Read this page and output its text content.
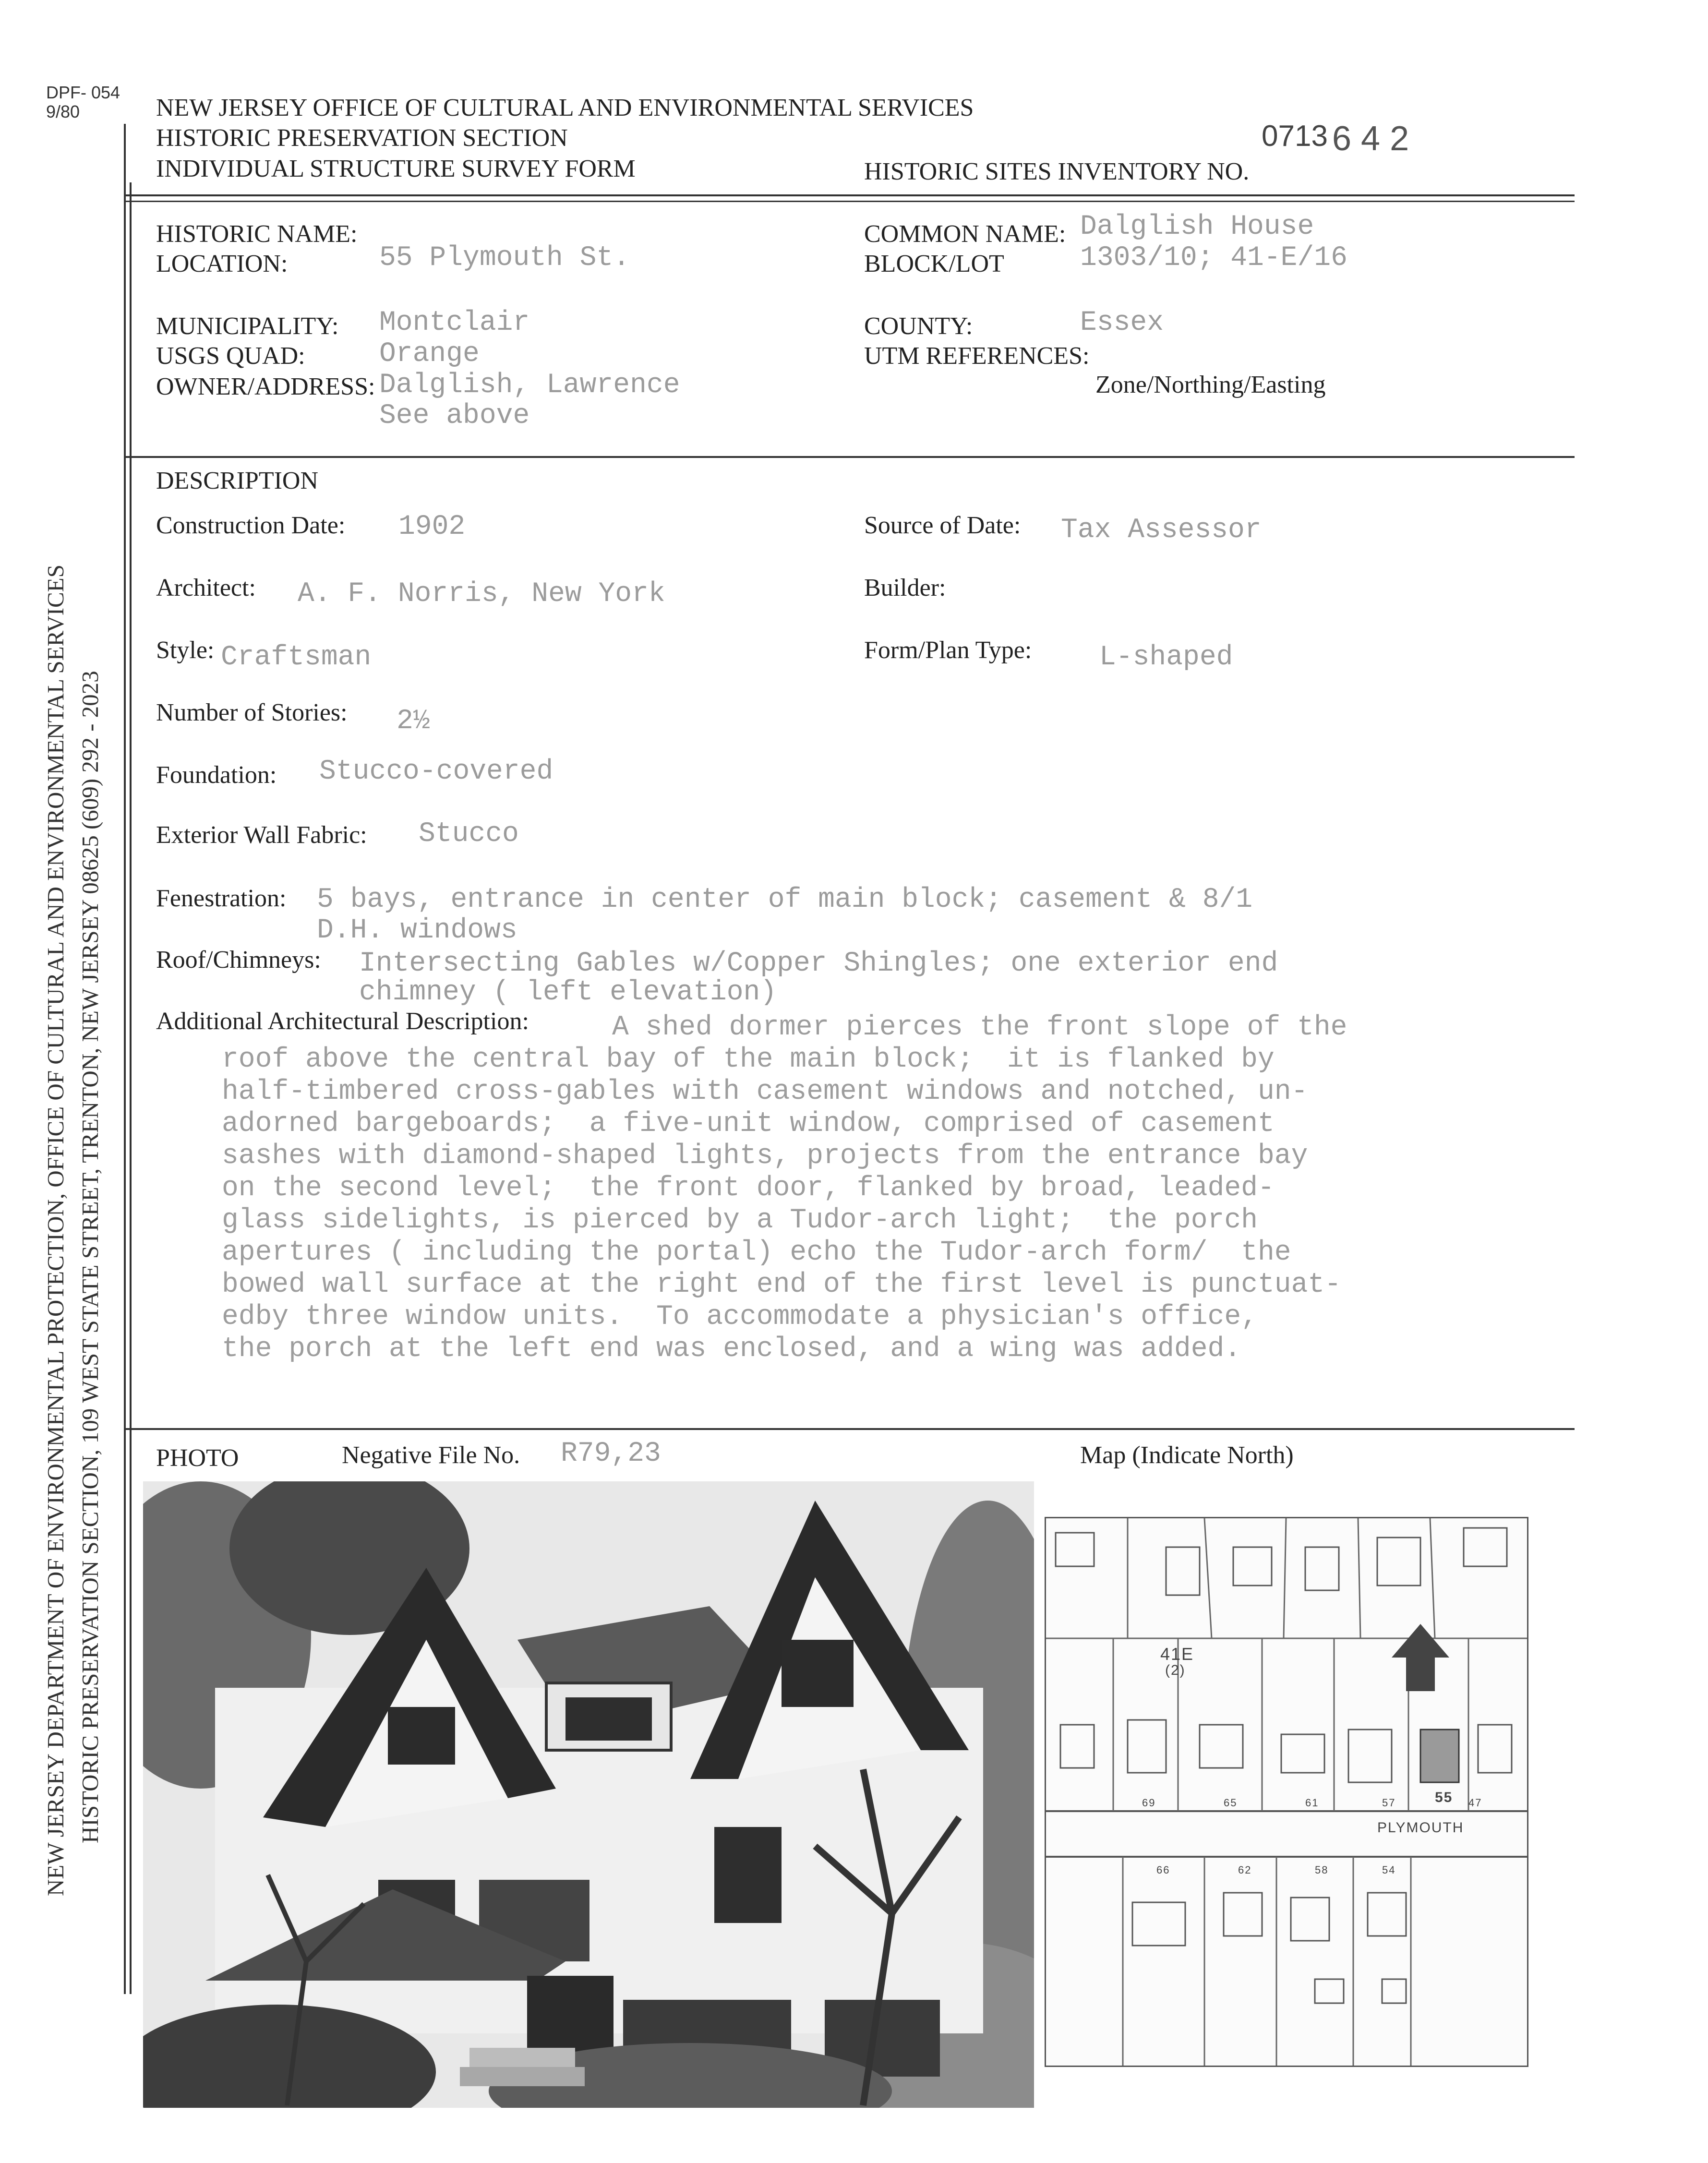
DPF- 054
9/80
NEW JERSEY DEPARTMENT OF ENVIRONMENTAL PROTECTION, OFFICE OF CULTURAL AND ENVIRONMENTAL SERVICES HISTORIC PRESERVATION SECTION, 109 WEST STATE STREET, TRENTON, NEW JERSEY 08625 (609) 292 - 2023
NEW JERSEY OFFICE OF CULTURAL AND ENVIRONMENTAL SERVICES
HISTORIC PRESERVATION SECTION
INDIVIDUAL STRUCTURE SURVEY FORM	HISTORIC SITES INVENTORY NO.
0713 6 4 2
HISTORIC NAME:
LOCATION:	55 Plymouth St.
COMMON NAME: Dalglish House
BLOCK/LOT	1303/10; 41-E/16
MUNICIPALITY: Montclair
USGS QUAD:	Orange
OWNER/ADDRESS: Dalglish, Lawrence
See above
COUNTY:	Essex
UTM REFERENCES:
Zone/Northing/Easting
DESCRIPTION
Construction Date: 1902	Source of Date: Tax Assessor
Architect: A. F. Norris, New York	Builder:
Style: Craftsman	Form/Plan Type: L-shaped
Number of Stories: 2½
Foundation: Stucco-covered
Exterior Wall Fabric: Stucco
Fenestration: 5 bays, entrance in center of main block; casement & 8/1
D.H. windows
Roof/Chimneys: Intersecting Gables w/Copper Shingles; one exterior end
chimney ( left elevation)
Additional Architectural Description:	A shed dormer pierces the front slope of the
roof above the central bay of the main block;  it is flanked by
half-timbered cross-gables with casement windows and notched, un-
adorned bargeboards;  a five-unit window, comprised of casement
sashes with diamond-shaped lights, projects from the entrance bay
on the second level;  the front door, flanked by broad, leaded-
glass sidelights, is pierced by a Tudor-arch light;  the porch
apertures ( including the portal) echo the Tudor-arch form/  the
bowed wall surface at the right end of the first level is punctuat-
edby three window units.  To accommodate a physician's office,
the porch at the left end was enclosed, and a wing was added.
PHOTO	Negative File No. R79,23	Map (Indicate North)
41E
(2)
55
PLYMOUTH
69	65	61	57	47
66	62	58	54
